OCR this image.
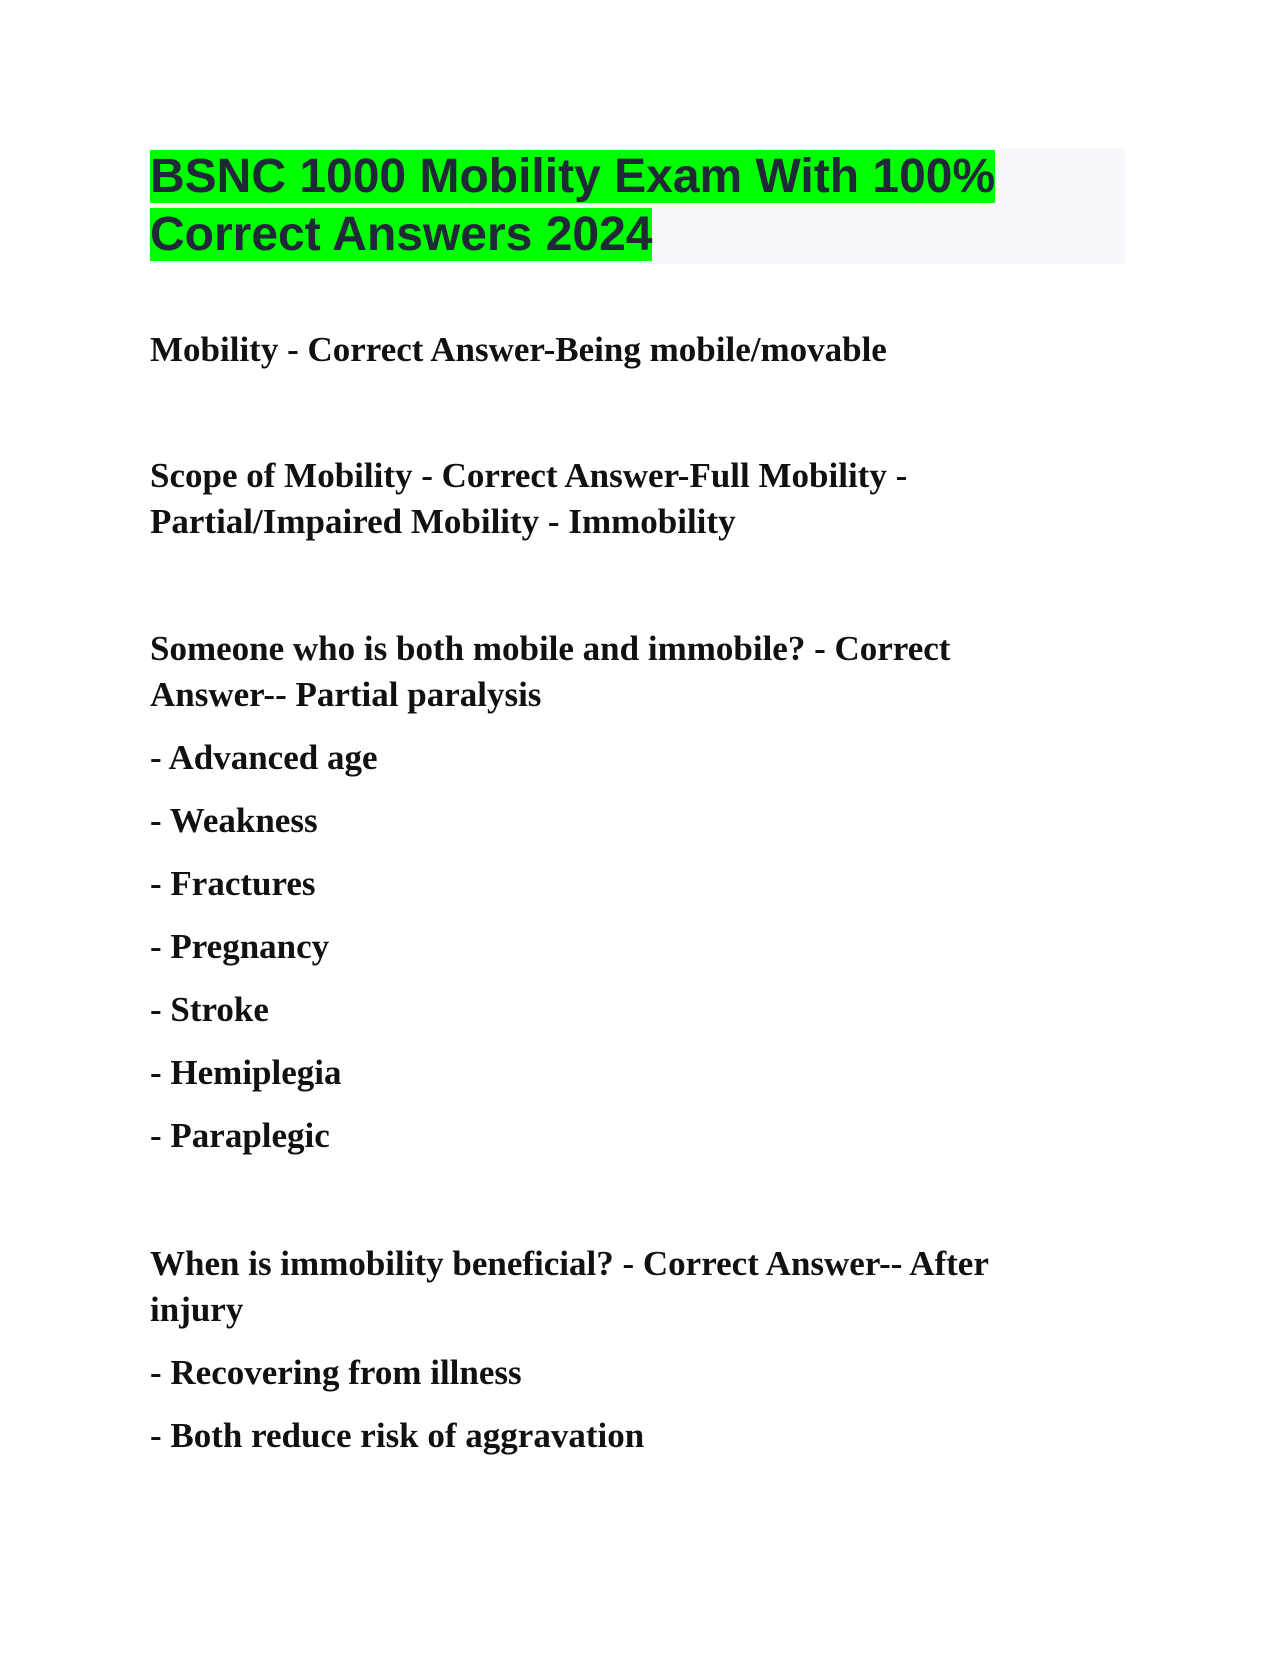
BSNC 1000 Mobility Exam With 100%
Correct Answers 2024

Mobility - Correct Answer-Being mobile/movable

Scope of Mobility - Correct Answer-Full Mobility -

Partial/Impaired Mobility - Immobility

Someone who is both mobile and immobile? - Correct

Answer-- Partial paralysis

- Advanced age

- Weakness

- Fractures

- Pregnancy

- Stroke

- Hemiplegia

- Paraplegic

When is immobility beneficial? - Correct Answer-- After

injury

- Recovering from illness

- Both reduce risk of aggravation
